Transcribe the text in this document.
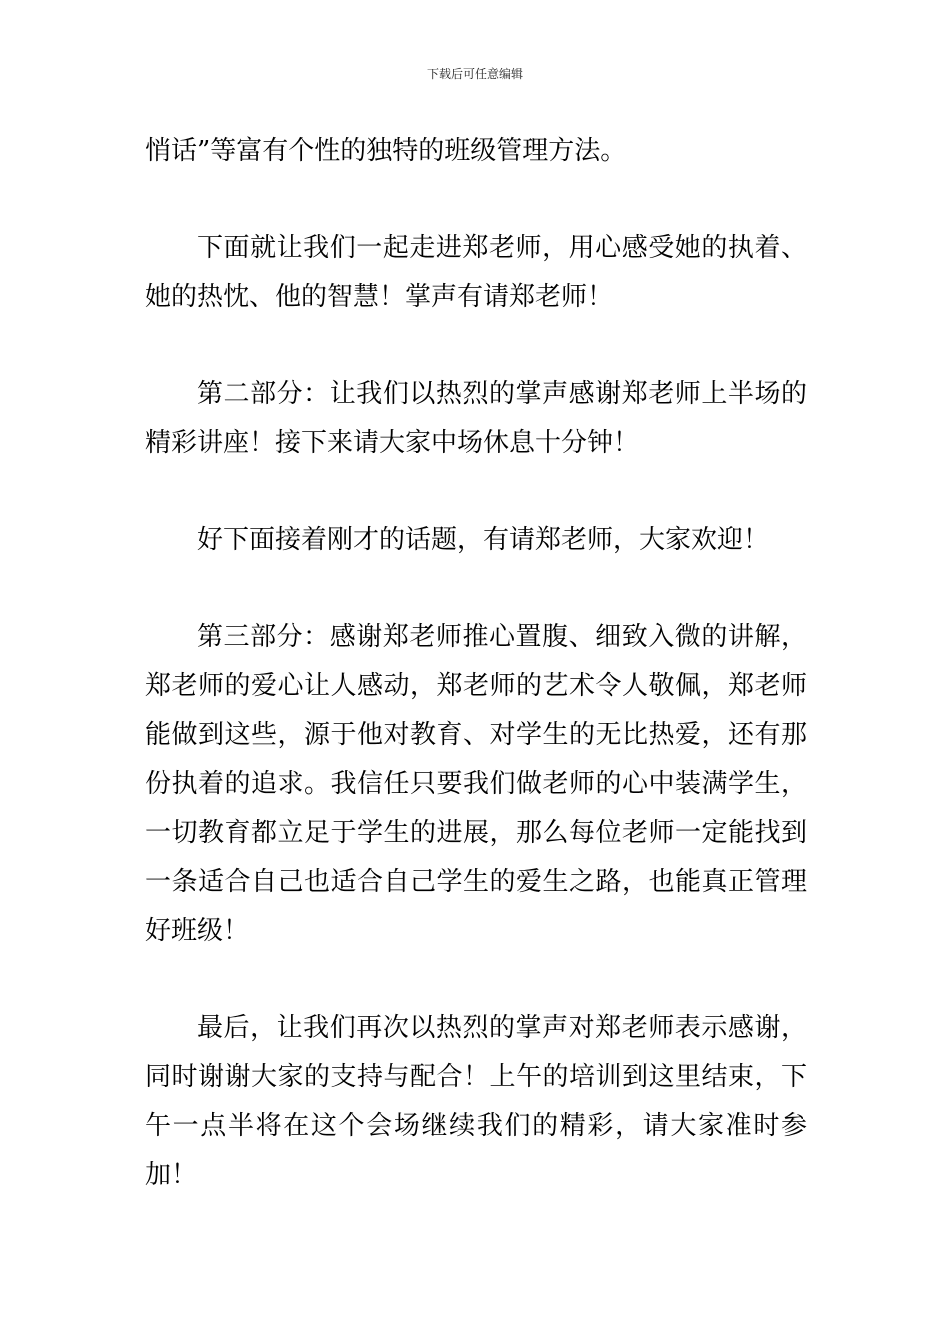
下载后可任意编辑

悄话”等富有个性的独特的班级管理方法。

下面就让我们一起走进郑老师，用心感受她的执着、她的热忱、他的智慧！掌声有请郑老师！

第二部分：让我们以热烈的掌声感谢郑老师上半场的精彩讲座！接下来请大家中场休息十分钟！

好下面接着刚才的话题，有请郑老师，大家欢迎！

第三部分：感谢郑老师推心置腹、细致入微的讲解，郑老师的爱心让人感动，郑老师的艺术令人敬佩，郑老师能做到这些，源于他对教育、对学生的无比热爱，还有那份执着的追求。我信任只要我们做老师的心中装满学生，一切教育都立足于学生的进展，那么每位老师一定能找到一条适合自己也适合自己学生的爱生之路，也能真正管理好班级！

最后，让我们再次以热烈的掌声对郑老师表示感谢，同时谢谢大家的支持与配合！上午的培训到这里结束，下午一点半将在这个会场继续我们的精彩，请大家准时参加！
